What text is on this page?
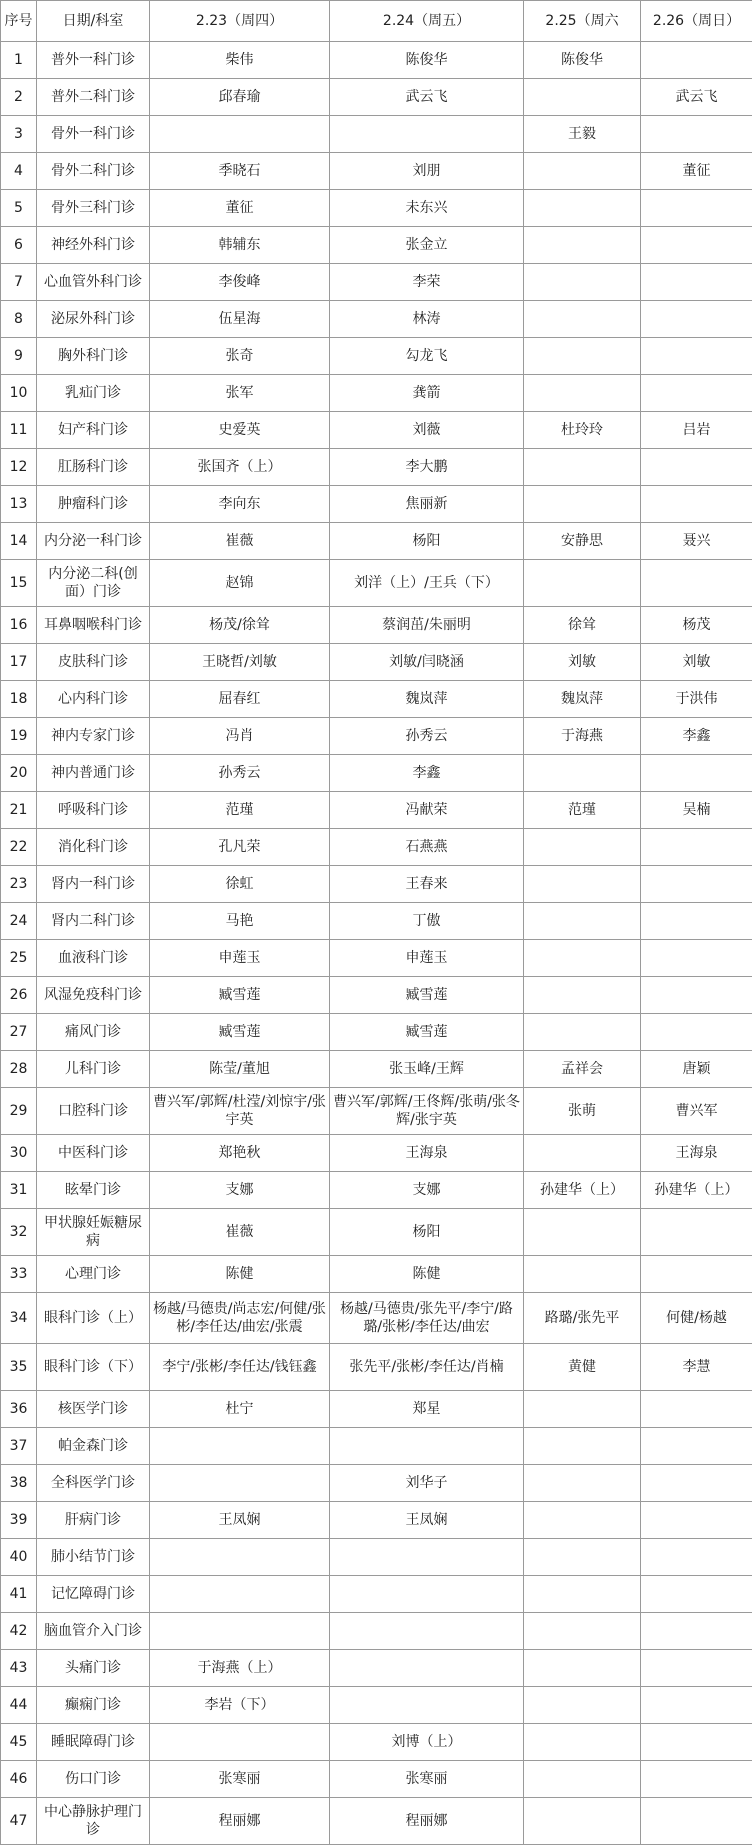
序号	日期/科室	2.23（周四）	2.24（周五）	2.25（周六	2.26（周日）
1	普外一科门诊	柴伟	陈俊华	陈俊华	
2	普外二科门诊	邱春瑜	武云飞		武云飞
3	骨外一科门诊			王毅	
4	骨外二科门诊	季晓石	刘朋		董征
5	骨外三科门诊	董征	未东兴		
6	神经外科门诊	韩辅东	张金立		
7	心血管外科门诊	李俊峰	李荣		
8	泌尿外科门诊	伍星海	林涛		
9	胸外科门诊	张奇	勾龙飞		
10	乳疝门诊	张军	龚箭		
11	妇产科门诊	史爱英	刘薇	杜玲玲	吕岩
12	肛肠科门诊	张国齐（上）	李大鹏		
13	肿瘤科门诊	李向东	焦丽新		
14	内分泌一科门诊	崔薇	杨阳	安静思	聂兴
15	内分泌二科(创面）门诊	赵锦	刘洋（上）/王兵（下）		
16	耳鼻咽喉科门诊	杨茂/徐耸	蔡润茁/朱丽明	徐耸	杨茂
17	皮肤科门诊	王晓哲/刘敏	刘敏/闫晓涵	刘敏	刘敏
18	心内科门诊	屈春红	魏岚萍	魏岚萍	于洪伟
19	神内专家门诊	冯肖	孙秀云	于海燕	李鑫
20	神内普通门诊	孙秀云	李鑫		
21	呼吸科门诊	范瑾	冯献荣	范瑾	吴楠
22	消化科门诊	孔凡荣	石燕燕		
23	肾内一科门诊	徐虹	王春来		
24	肾内二科门诊	马艳	丁傲		
25	血液科门诊	申莲玉	申莲玉		
26	风湿免疫科门诊	臧雪莲	臧雪莲		
27	痛风门诊	臧雪莲	臧雪莲		
28	儿科门诊	陈莹/董旭	张玉峰/王辉	孟祥会	唐颖
29	口腔科门诊	曹兴军/郭辉/杜滢/刘惊宇/张宇英	曹兴军/郭辉/王佟辉/张萌/张冬辉/张宇英	张萌	曹兴军
30	中医科门诊	郑艳秋	王海泉		王海泉
31	眩晕门诊	支娜	支娜	孙建华（上）	孙建华（上）
32	甲状腺妊娠糖尿病	崔薇	杨阳		
33	心理门诊	陈健	陈健		
34	眼科门诊（上）	杨越/马德贵/尚志宏/何健/张彬/李任达/曲宏/张震	杨越/马德贵/张先平/李宁/路璐/张彬/李任达/曲宏	路璐/张先平	何健/杨越
35	眼科门诊（下）	李宁/张彬/李任达/钱钰鑫	张先平/张彬/李任达/肖楠	黄健	李慧
36	核医学门诊	杜宁	郑星		
37	帕金森门诊				
38	全科医学门诊		刘华子		
39	肝病门诊	王凤娴	王凤娴		
40	肺小结节门诊				
41	记忆障碍门诊				
42	脑血管介入门诊				
43	头痛门诊	于海燕（上）			
44	癫痫门诊	李岩（下）			
45	睡眠障碍门诊		刘博（上）		
46	伤口门诊	张寒丽	张寒丽		
47	中心静脉护理门诊	程丽娜	程丽娜		
